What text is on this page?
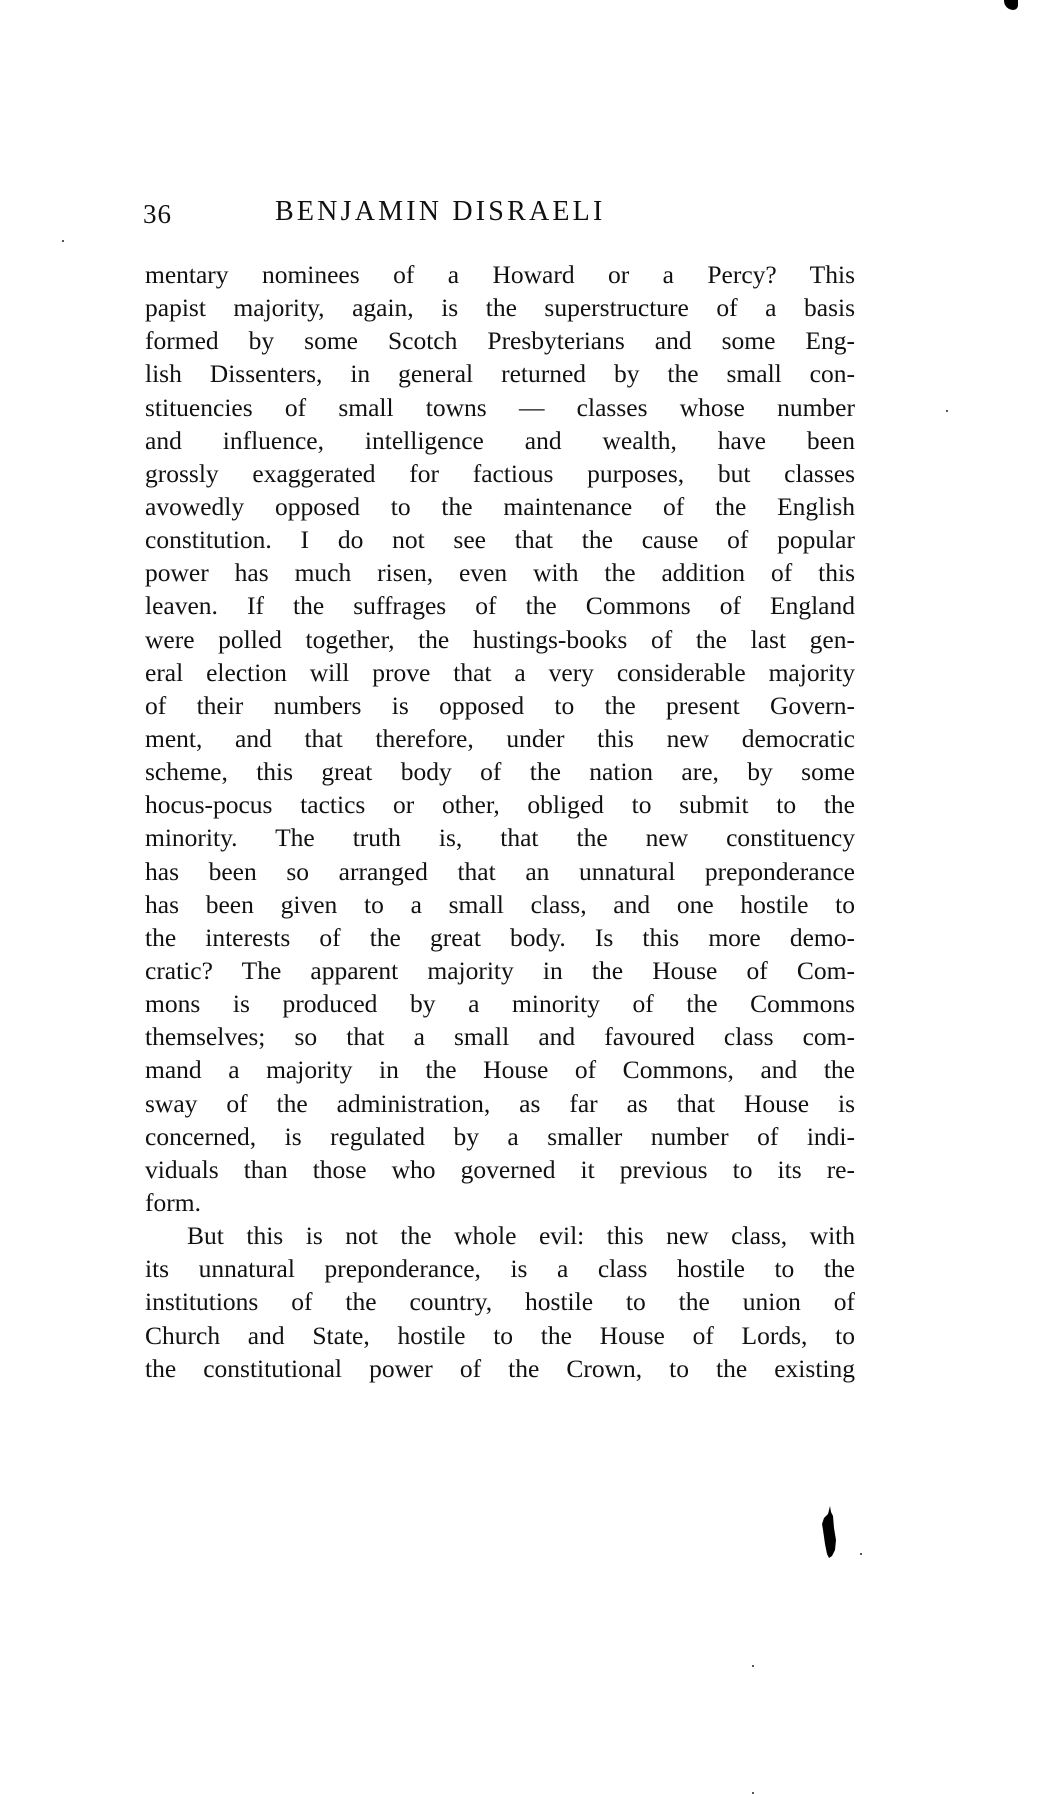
36	BENJAMIN DISRAELI
mentary nominees of a Howard or a Percy? This
papist majority, again, is the superstructure of a basis
formed by some Scotch Presbyterians and some Eng-
lish Dissenters, in general returned by the small con-
stituencies of small towns — classes whose number
and influence, intelligence and wealth, have been
grossly exaggerated for factious purposes, but classes
avowedly opposed to the maintenance of the English
constitution. I do not see that the cause of popular
power has much risen, even with the addition of this
leaven. If the suffrages of the Commons of England
were polled together, the hustings-books of the last gen-
eral election will prove that a very considerable majority
of their numbers is opposed to the present Govern-
ment, and that therefore, under this new democratic
scheme, this great body of the nation are, by some
hocus-pocus tactics or other, obliged to submit to the
minority. The truth is, that the new constituency
has been so arranged that an unnatural preponderance
has been given to a small class, and one hostile to
the interests of the great body. Is this more demo-
cratic? The apparent majority in the House of Com-
mons is produced by a minority of the Commons
themselves; so that a small and favoured class com-
mand a majority in the House of Commons, and the
sway of the administration, as far as that House is
concerned, is regulated by a smaller number of indi-
viduals than those who governed it previous to its re-
form.
But this is not the whole evil: this new class, with
its unnatural preponderance, is a class hostile to the
institutions of the country, hostile to the union of
Church and State, hostile to the House of Lords, to
the constitutional power of the Crown, to the existing
